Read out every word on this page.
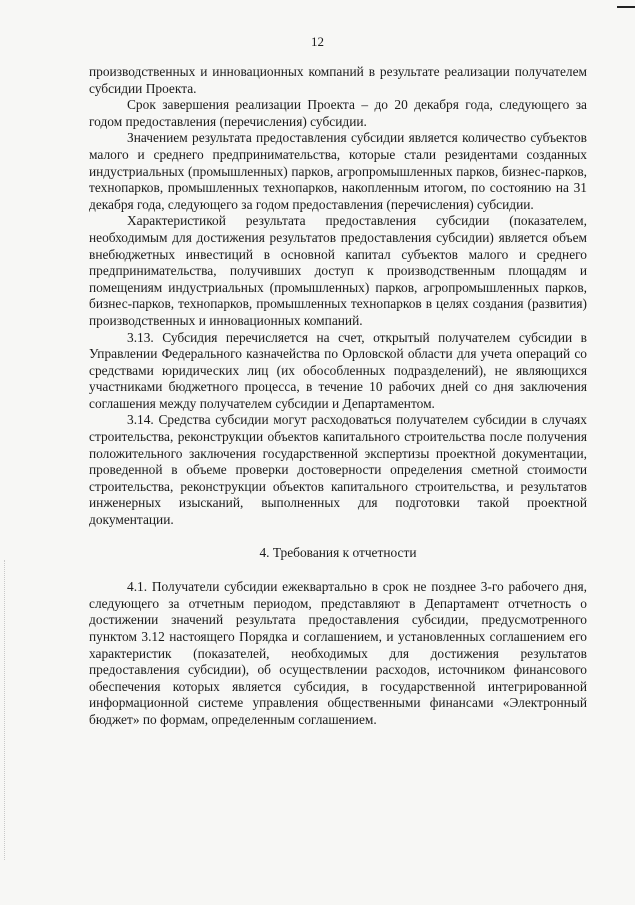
12

производственных и инновационных компаний в результате реализации получателем субсидии Проекта.

Срок завершения реализации Проекта – до 20 декабря года, следующего за годом предоставления (перечисления) субсидии.

Значением результата предоставления субсидии является количество субъектов малого и среднего предпринимательства, которые стали резидентами созданных индустриальных (промышленных) парков, агропромышленных парков, бизнес-парков, технопарков, промышленных технопарков, накопленным итогом, по состоянию на 31 декабря года, следующего за годом предоставления (перечисления) субсидии.

Характеристикой результата предоставления субсидии (показателем, необходимым для достижения результатов предоставления субсидии) является объем внебюджетных инвестиций в основной капитал субъектов малого и среднего предпринимательства, получивших доступ к производственным площадям и помещениям индустриальных (промышленных) парков, агропромышленных парков, бизнес-парков, технопарков, промышленных технопарков в целях создания (развития) производственных и инновационных компаний.

3.13. Субсидия перечисляется на счет, открытый получателем субсидии в Управлении Федерального казначейства по Орловской области для учета операций со средствами юридических лиц (их обособленных подразделений), не являющихся участниками бюджетного процесса, в течение 10 рабочих дней со дня заключения соглашения между получателем субсидии и Департаментом.

3.14. Средства субсидии могут расходоваться получателем субсидии в случаях строительства, реконструкции объектов капитального строительства после получения положительного заключения государственной экспертизы проектной документации, проведенной в объеме проверки достоверности определения сметной стоимости строительства, реконструкции объектов капитального строительства, и результатов инженерных изысканий, выполненных для подготовки такой проектной документации.

4. Требования к отчетности

4.1. Получатели субсидии ежеквартально в срок не позднее 3-го рабочего дня, следующего за отчетным периодом, представляют в Департамент отчетность о достижении значений результата предоставления субсидии, предусмотренного пунктом 3.12 настоящего Порядка и соглашением, и установленных соглашением его характеристик (показателей, необходимых для достижения результатов предоставления субсидии), об осуществлении расходов, источником финансового обеспечения которых является субсидия, в государственной интегрированной информационной системе управления общественными финансами «Электронный бюджет» по формам, определенным соглашением.
